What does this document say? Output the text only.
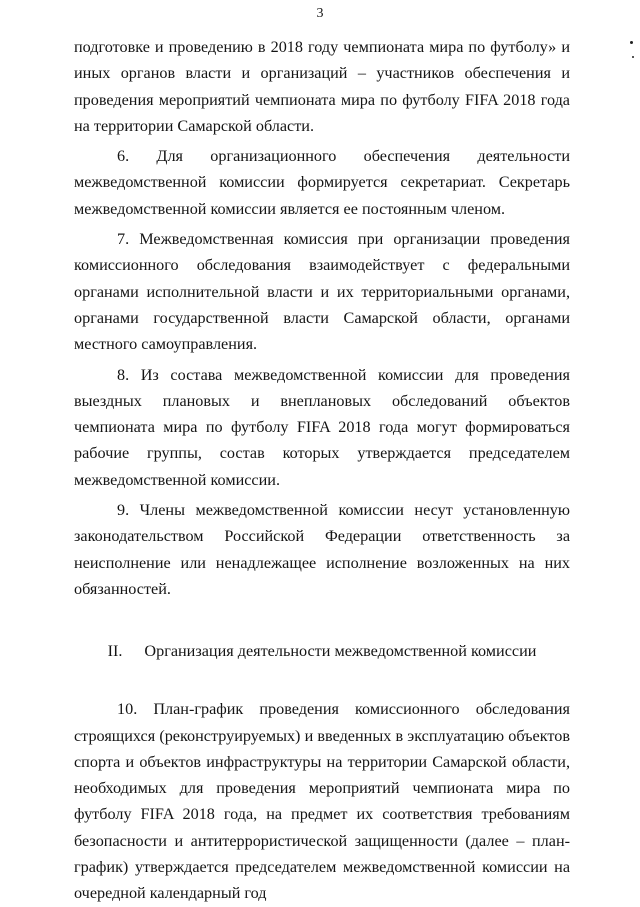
3

подготовке и проведению в 2018 году чемпионата мира по футболу» и иных органов власти и организаций – участников обеспечения и проведения мероприятий чемпионата мира по футболу FIFA 2018 года на территории Самарской области.

6. Для организационного обеспечения деятельности межведомственной комиссии формируется секретариат. Секретарь межведомственной комиссии является ее постоянным членом.

7. Межведомственная комиссия при организации проведения комиссионного обследования взаимодействует с федеральными органами исполнительной власти и их территориальными органами, органами государственной власти Самарской области, органами местного самоуправления.

8. Из состава межведомственной комиссии для проведения выездных плановых и внеплановых обследований объектов чемпионата мира по футболу FIFA 2018 года могут формироваться рабочие группы, состав которых утверждается председателем межведомственной комиссии.

9. Члены межведомственной комиссии несут установленную законодательством Российской Федерации ответственность за неисполнение или ненадлежащее исполнение возложенных на них обязанностей.

II. Организация деятельности межведомственной комиссии

10. План-график проведения комиссионного обследования строящихся (реконструируемых) и введенных в эксплуатацию объектов спорта и объектов инфраструктуры на территории Самарской области, необходимых для проведения мероприятий чемпионата мира по футболу FIFA 2018 года, на предмет их соответствия требованиям безопасности и антитеррористической защищенности (далее – план-график) утверждается председателем межведомственной комиссии на очередной календарный год
